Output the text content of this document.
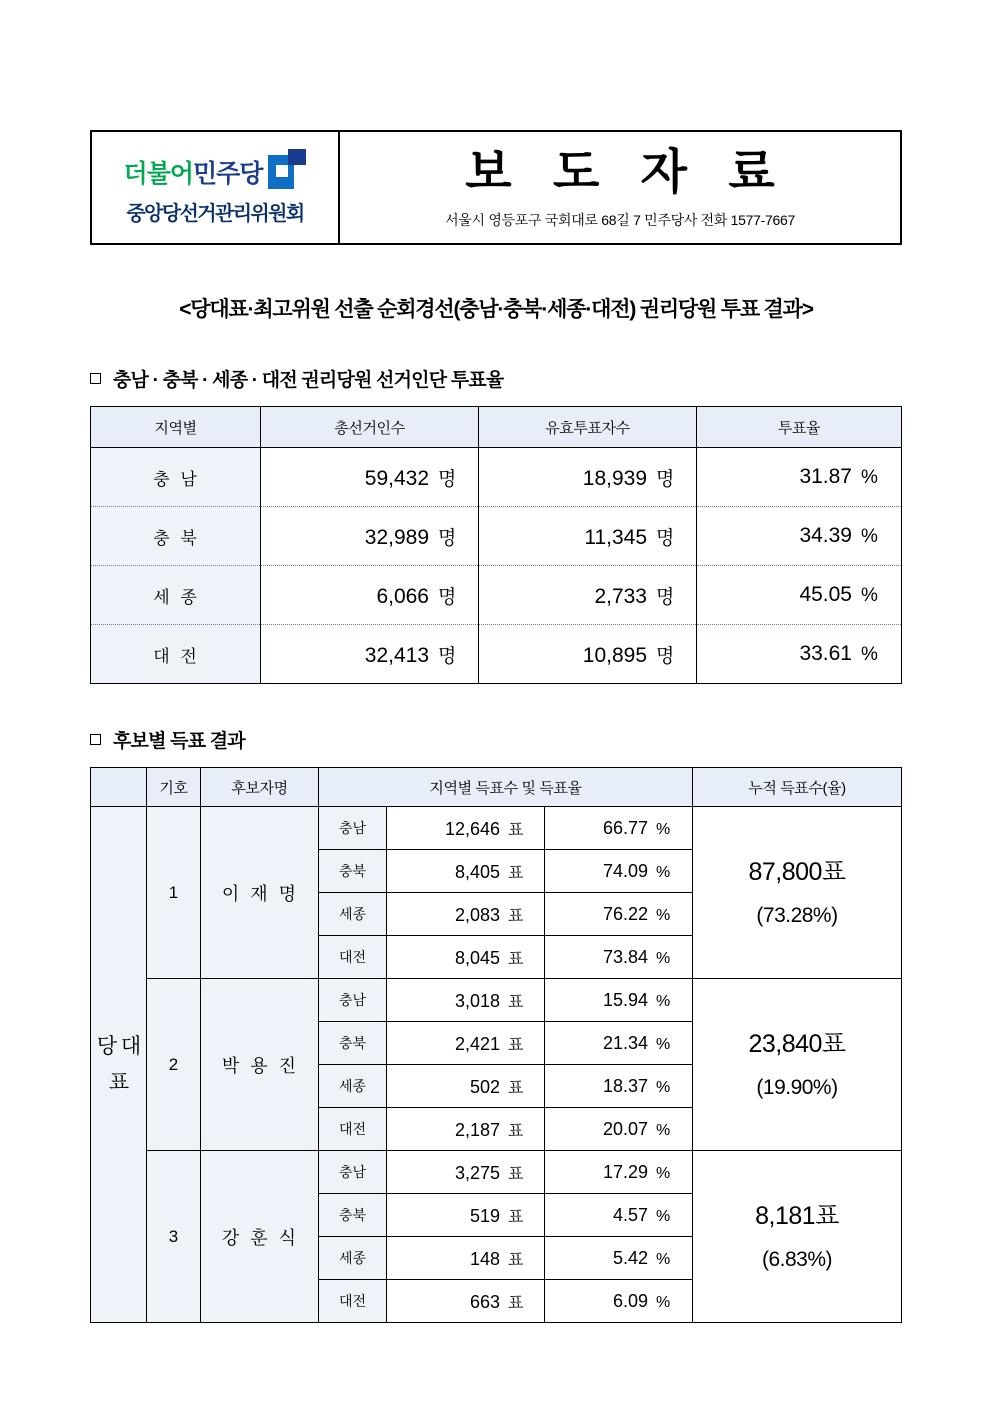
더불어민주당
중앙당선거관리위원회
보 도 자 료
서울시 영등포구 국회대로 68길 7 민주당사 전화 1577-7667
<당대표·최고위원 선출 순회경선(충남·충북·세종·대전) 권리당원 투표 결과>
충남 · 충북 · 세종 · 대전 권리당원 선거인단 투표율
지역별	총선거인수	유효투표자수	투표율
충 남	59,432 명	18,939 명	31.87 %
충 북	32,989 명	11,345 명	34.39 %
세 종	6,066 명	2,733 명	45.05 %
대 전	32,413 명	10,895 명	33.61 %
후보별 득표 결과
	기호	후보자명	지역별 득표수 및 득표율			누적 득표수(율)
당 대 표	1	이 재 명	충남	12,646 표	66.77 %	87,800표
(73.28%)

			충북	8,405 표	74.09 %	
			세종	2,083 표	76.22 %	
			대전	8,045 표	73.84 %	
	2	박 용 진	충남	3,018 표	15.94 %	23,840표
(19.90%)

			충북	2,421 표	21.34 %	
			세종	502 표	18.37 %	
			대전	2,187 표	20.07 %	
	3	강 훈 식	충남	3,275 표	17.29 %	8,181표
(6.83%)

			충북	519 표	4.57 %	
			세종	148 표	5.42 %	
			대전	663 표	6.09 %	
